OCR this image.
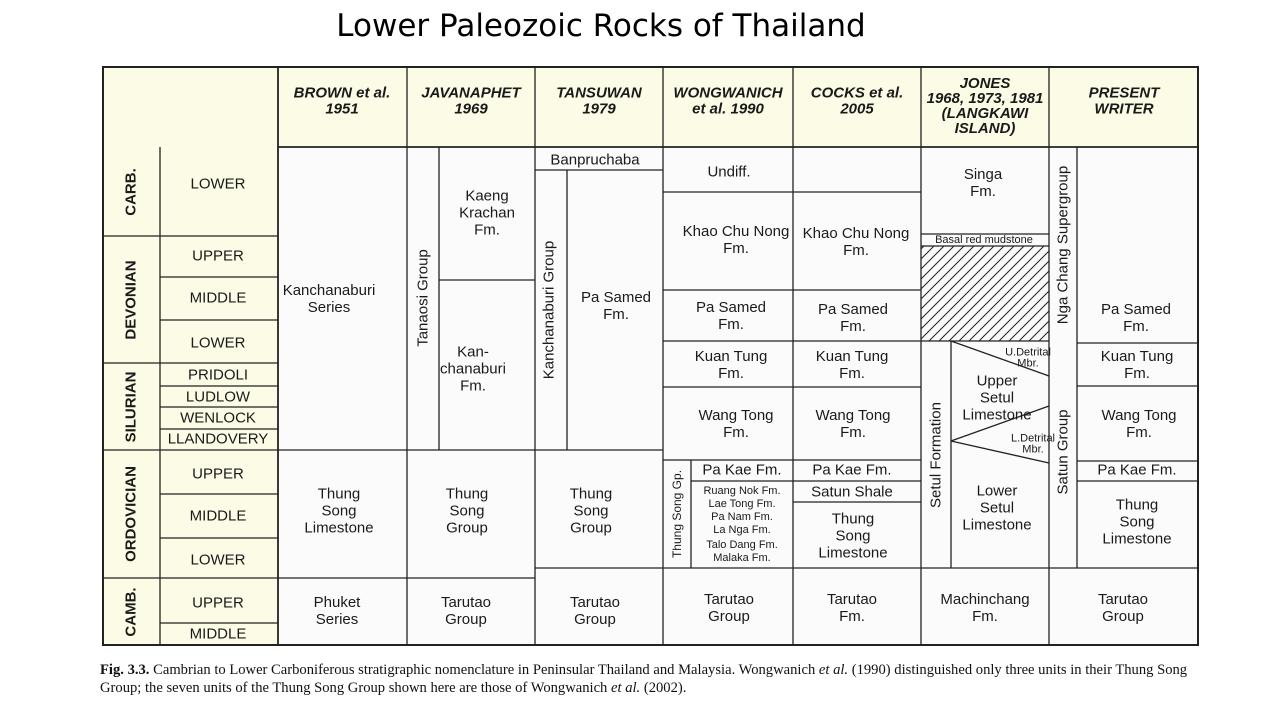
Lower Paleozoic Rocks of Thailand
BROWN et al. 1951
JAVANAPHET 1969
TANSUWAN 1979
WONGWANICH et al. 1990
COCKS et al. 2005
JONES 1968, 1973, 1981 (LANGKAWI ISLAND)
PRESENT WRITER
CARB.
DEVONIAN
SILURIAN
ORDOVICIAN
CAMB.
LOWER
UPPER
MIDDLE
LOWER
PRIDOLI
LUDLOW
WENLOCK
LLANDOVERY
UPPER
MIDDLE
LOWER
UPPER
MIDDLE
Kanchanaburi Series
Thung Song Limestone
Phuket Series
Tanaosi Group
Kaeng Krachan Fm.
Kan-chanaburi Fm.
Thung Song Group
Tarutao Group
Banpruchaba
Kanchanaburi Group Pa Samed Fm.
Thung Song Group
Tarutao Group
Undiff.
Khao Chu Nong Fm.
Pa Samed Fm.
Kuan Tung Fm.
Wang Tong Fm.
Thung Song Gp. Pa Kae Fm.
Ruang Nok Fm.
Lae Tong Fm.
Pa Nam Fm.
La Nga Fm.
Talo Dang Fm.
Malaka Fm.
Tarutao Group
Khao Chu Nong Fm.
Pa Samed Fm.
Kuan Tung Fm.
Wang Tong Fm.
Pa Kae Fm.
Satun Shale
Thung Song Limestone
Tarutao Fm.
Singa Fm.
Basal red mudstone
Setul Formation
U.Detrital Mbr.
Upper Setul Limestone
L.Detrital Mbr.
Lower Setul Limestone
Machinchang Fm.
Nga Chang Supergroup
Satun Group
Pa Samed Fm.
Kuan Tung Fm.
Wang Tong Fm.
Pa Kae Fm.
Thung Song Limestone
Tarutao Group
Fig. 3.3. Cambrian to Lower Carboniferous stratigraphic nomenclature in Peninsular Thailand and Malaysia. Wongwanich et al. (1990) distinguished only three units in their Thung Song Group; the seven units of the Thung Song Group shown here are those of Wongwanich et al. (2002).
